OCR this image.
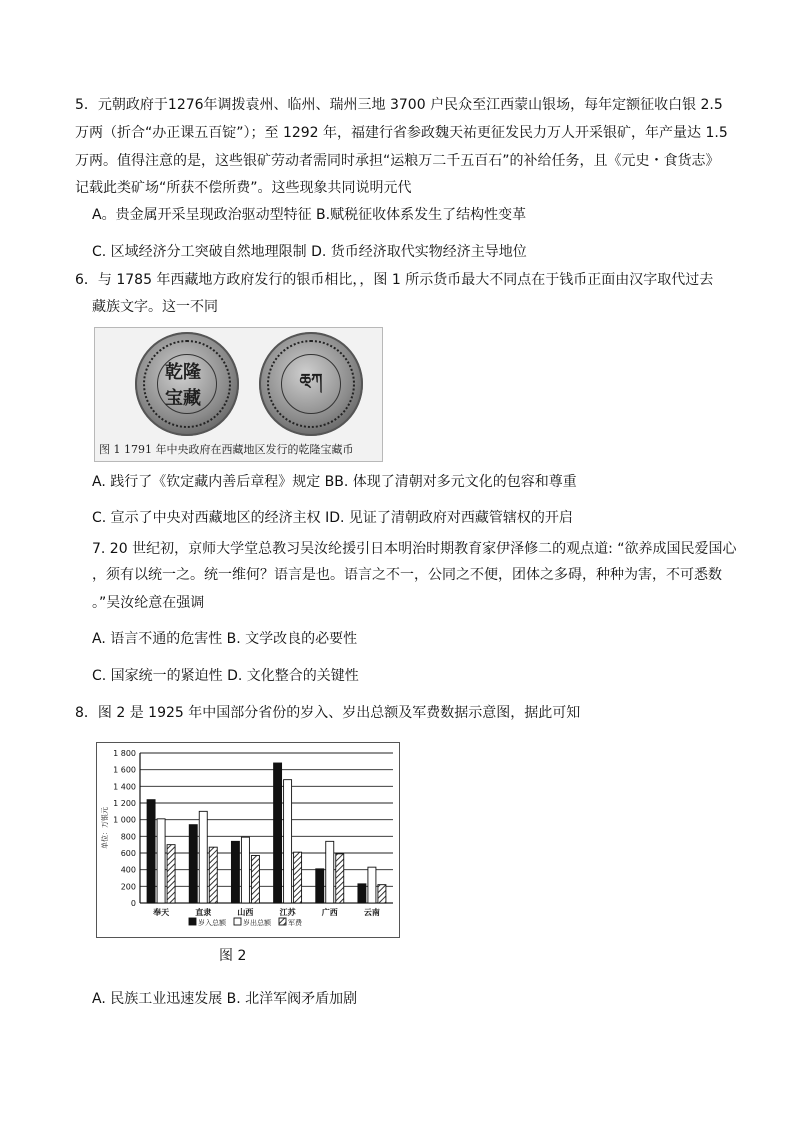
5．元朝政府于1276年调拨袁州、临州、瑞州三地 3700 户民众至江西蒙山银场，每年定额征收白银 2.5
万两（折合“办正课五百锭”）；至 1292 年，福建行省参政魏天祐更征发民力万人开采银矿，年产量达 1.5
万两。值得注意的是，这些银矿劳动者需同时承担“运粮万二千五百石”的补给任务，且《元史・食货志》
记载此类矿场“所获不偿所费”。这些现象共同说明元代
A。贵金属开采呈现政治驱动型特征 B.赋税征收体系发生了结构性变革
C. 区域经济分工突破自然地理限制 D. 货币经济取代实物经济主导地位
6．与 1785 年西藏地方政府发行的银币相比，，图 1 所示货币最大不同点在于钱币正面由汉字取代过去
藏族文字。这一不同
乾隆宝藏
ཆ྄ཀ
图 1 1791 年中央政府在西藏地区发行的乾隆宝藏币
A. 践行了《钦定藏内善后章程》规定 BB. 体现了清朝对多元文化的包容和尊重
C. 宣示了中央对西藏地区的经济主权 ID. 见证了清朝政府对西藏管辖权的开启
7. 20 世纪初，京师大学堂总教习吴汝纶援引日本明治时期教育家伊泽修二的观点道: “欲养成国民爱国心
，须有以统一之。统一维何？语言是也。语言之不一，公同之不便，团体之多碍，种种为害，不可悉数
。”吴汝纶意在强调
A. 语言不通的危害性 B. 文学改良的必要性
C. 国家统一的紧迫性 D. 文化整合的关键性
8．图 2 是 1925 年中国部分省份的岁入、岁出总额及军费数据示意图，据此可知
0
200
400
600
800
1 000
1 200
1 400
1 600
1 800
单位：万银元
奉天	直隶	山西	江苏	广西	云南
岁入总额 岁出总额 军费
图 2
A. 民族工业迅速发展 B. 北洋军阀矛盾加剧
